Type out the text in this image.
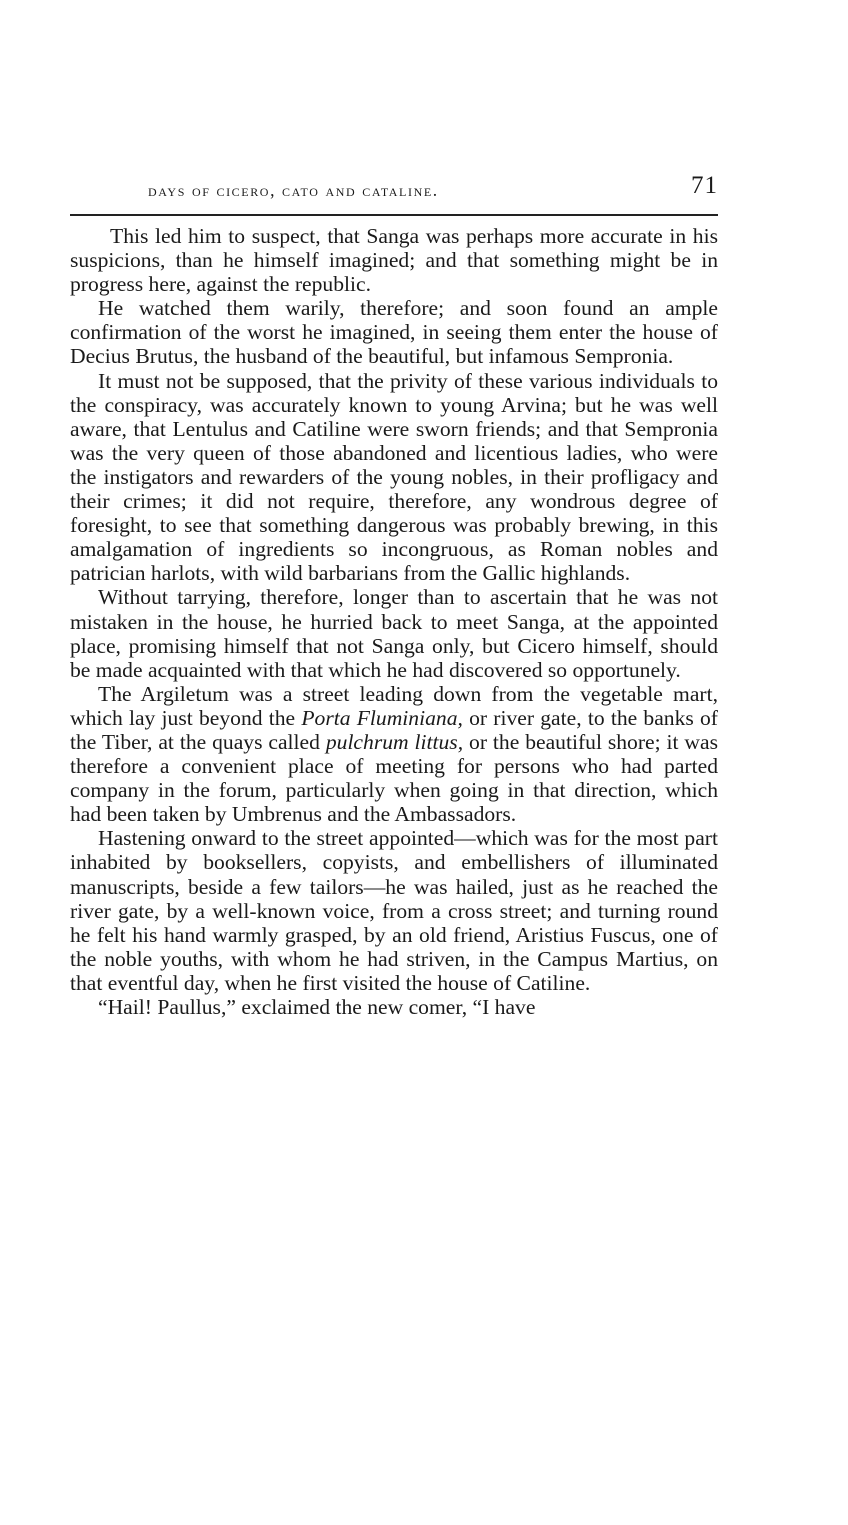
days of cicero, cato and cataline.	71

This led him to suspect, that Sanga was perhaps more accurate in his suspicions, than he himself imagined; and that something might be in progress here, against the republic.

He watched them warily, therefore; and soon found an ample confirmation of the worst he imagined, in seeing them enter the house of Decius Brutus, the husband of the beautiful, but infamous Sempronia.

It must not be supposed, that the privity of these various individuals to the conspiracy, was accurately known to young Arvina; but he was well aware, that Lentulus and Catiline were sworn friends; and that Sempronia was the very queen of those abandoned and licentious ladies, who were the instigators and rewarders of the young nobles, in their profligacy and their crimes; it did not require, therefore, any wondrous degree of foresight, to see that something dangerous was probably brewing, in this amalgamation of ingredients so incongruous, as Roman nobles and patrician harlots, with wild barbarians from the Gallic highlands.

Without tarrying, therefore, longer than to ascertain that he was not mistaken in the house, he hurried back to meet Sanga, at the appointed place, promising himself that not Sanga only, but Cicero himself, should be made acquainted with that which he had discovered so opportunely.

The Argiletum was a street leading down from the vegetable mart, which lay just beyond the Porta Fluminiana, or river gate, to the banks of the Tiber, at the quays called pulchrum littus, or the beautiful shore; it was therefore a convenient place of meeting for persons who had parted company in the forum, particularly when going in that direction, which had been taken by Umbrenus and the Ambassadors.

Hastening onward to the street appointed—which was for the most part inhabited by booksellers, copyists, and embellishers of illuminated manuscripts, beside a few tailors—he was hailed, just as he reached the river gate, by a well-known voice, from a cross street; and turning round he felt his hand warmly grasped, by an old friend, Aristius Fuscus, one of the noble youths, with whom he had striven, in the Campus Martius, on that eventful day, when he first visited the house of Catiline.

“Hail! Paullus,” exclaimed the new comer, “I have
